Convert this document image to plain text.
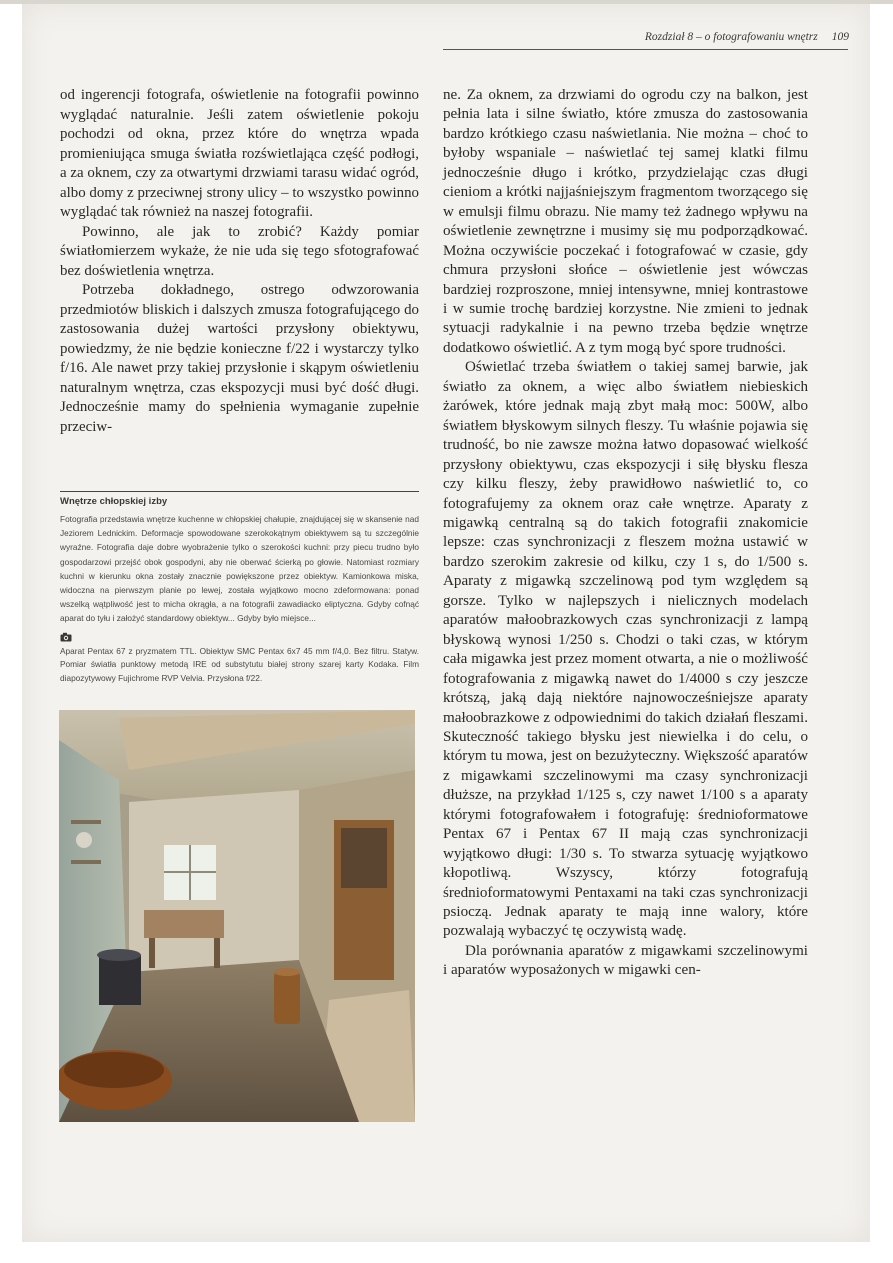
Rozdział 8 – o fotografowaniu wnętrz 109

od ingerencji fotografa, oświetlenie na fotografii powinno wyglądać naturalnie. Jeśli zatem oświetlenie pokoju pochodzi od okna, przez które do wnętrza wpada promieniująca smuga światła rozświetlająca część podłogi, a za oknem, czy za otwartymi drzwiami tarasu widać ogród, albo domy z przeciwnej strony ulicy – to wszystko powinno wyglądać tak również na naszej fotografii.

Powinno, ale jak to zrobić? Każdy pomiar światłomierzem wykaże, że nie uda się tego sfotografować bez doświetlenia wnętrza.

Potrzeba dokładnego, ostrego odwzorowania przedmiotów bliskich i dalszych zmusza fotografującego do zastosowania dużej wartości przysłony obiektywu, powiedzmy, że nie będzie konieczne f/22 i wystarczy tylko f/16. Ale nawet przy takiej przysłonie i skąpym oświetleniu naturalnym wnętrza, czas ekspozycji musi być dość długi. Jednocześnie mamy do spełnienia wymaganie zupełnie przeciw-

Wnętrze chłopskiej izby

Fotografia przedstawia wnętrze kuchenne w chłopskiej chałupie, znajdującej się w skansenie nad Jeziorem Lednickim. Deformacje spowodowane szerokokątnym obiektywem są tu szczególnie wyraźne. Fotografia daje dobre wyobrażenie tylko o szerokości kuchni: przy piecu trudno było gospodarzowi przejść obok gospodyni, aby nie oberwać ścierką po głowie. Natomiast rozmiary kuchni w kierunku okna zostały znacznie powiększone przez obiektyw. Kamionkowa miska, widoczna na pierwszym planie po lewej, została wyjątkowo mocno zdeformowana: ponad wszelką wątpliwość jest to micha okrągła, a na fotografii zawadiacko eliptyczna. Gdyby cofnąć aparat do tyłu i założyć standardowy obiektyw... Gdyby było miejsce...

Aparat Pentax 67 z pryzmatem TTL. Obiektyw SMC Pentax 6x7 45 mm f/4,0. Bez filtru. Statyw. Pomiar światła punktowy metodą IRE od substytutu białej strony szarej karty Kodaka. Film diapozytywowy Fujichrome RVP Velvia. Przysłona f/22.

ne. Za oknem, za drzwiami do ogrodu czy na balkon, jest pełnia lata i silne światło, które zmusza do zastosowania bardzo krótkiego czasu naświetlania. Nie można – choć to byłoby wspaniale – naświetlać tej samej klatki filmu jednocześnie długo i krótko, przydzielając czas długi cieniom a krótki najjaśniejszym fragmentom tworzącego się w emulsji filmu obrazu. Nie mamy też żadnego wpływu na oświetlenie zewnętrzne i musimy się mu podporządkować. Można oczywiście poczekać i fotografować w czasie, gdy chmura przysłoni słońce – oświetlenie jest wówczas bardziej rozproszone, mniej intensywne, mniej kontrastowe i w sumie trochę bardziej korzystne. Nie zmieni to jednak sytuacji radykalnie i na pewno trzeba będzie wnętrze dodatkowo oświetlić. A z tym mogą być spore trudności.

Oświetlać trzeba światłem o takiej samej barwie, jak światło za oknem, a więc albo światłem niebieskich żarówek, które jednak mają zbyt małą moc: 500W, albo światłem błyskowym silnych fleszy. Tu właśnie pojawia się trudność, bo nie zawsze można łatwo dopasować wielkość przysłony obiektywu, czas ekspozycji i siłę błysku flesza czy kilku fleszy, żeby prawidłowo naświetlić to, co fotografujemy za oknem oraz całe wnętrze. Aparaty z migawką centralną są do takich fotografii znakomicie lepsze: czas synchronizacji z fleszem można ustawić w bardzo szerokim zakresie od kilku, czy 1 s, do 1/500 s. Aparaty z migawką szczelinową pod tym względem są gorsze. Tylko w najlepszych i nielicznych modelach aparatów małoobrazkowych czas synchronizacji z lampą błyskową wynosi 1/250 s. Chodzi o taki czas, w którym cała migawka jest przez moment otwarta, a nie o możliwość fotografowania z migawką nawet do 1/4000 s czy jeszcze krótszą, jaką dają niektóre najnowocześniejsze aparaty małoobrazkowe z odpowiednimi do takich działań fleszami. Skuteczność takiego błysku jest niewielka i do celu, o którym tu mowa, jest on bezużyteczny. Większość aparatów z migawkami szczelinowymi ma czasy synchronizacji dłuższe, na przykład 1/125 s, czy nawet 1/100 s a aparaty którymi fotografowałem i fotografuję: średnioformatowe Pentax 67 i Pentax 67 II mają czas synchronizacji wyjątkowo długi: 1/30 s. To stwarza sytuację wyjątkowo kłopotliwą. Wszyscy, którzy fotografują średnioformatowymi Pentaxami na taki czas synchronizacji psioczą. Jednak aparaty te mają inne walory, które pozwalają wybaczyć tę oczywistą wadę.

Dla porównania aparatów z migawkami szczelinowymi i aparatów wyposażonych w migawki cen-
